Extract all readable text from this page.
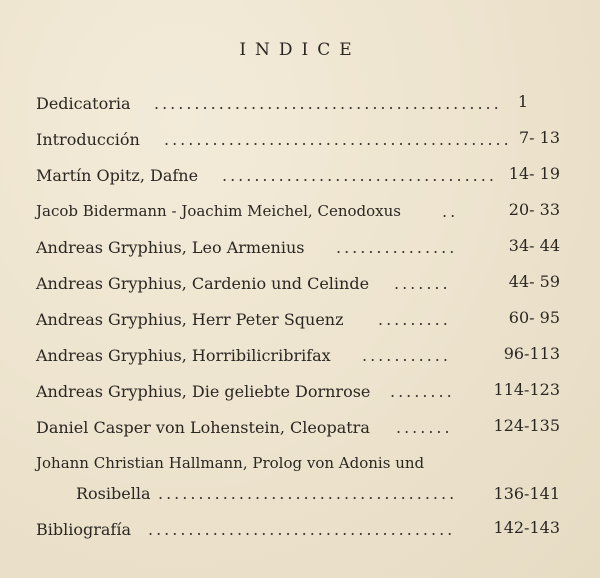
INDICE
Dedicatoria ........................................... 1
Introducción ........................................... 7- 13
Martín Opitz, Dafne .................................. 14- 19
Jacob Bidermann - Joachim Meichel, Cenodoxus	..	20- 33
Andreas Gryphius, Leo Armenius ...............	34- 44
Andreas Gryphius, Cardenio und Celinde .......	44- 59
Andreas Gryphius, Herr Peter Squenz .........	60- 95
Andreas Gryphius, Horribilicribrifax ...........	96-113
Andreas Gryphius, Die geliebte Dornrose ........ 114-123
Daniel Casper von Lohenstein, Cleopatra .......	124-135
Johann Christian Hallmann, Prolog von Adonis und
Rosibella ..................................... 136-141
Bibliografía ...................................... 142-143
